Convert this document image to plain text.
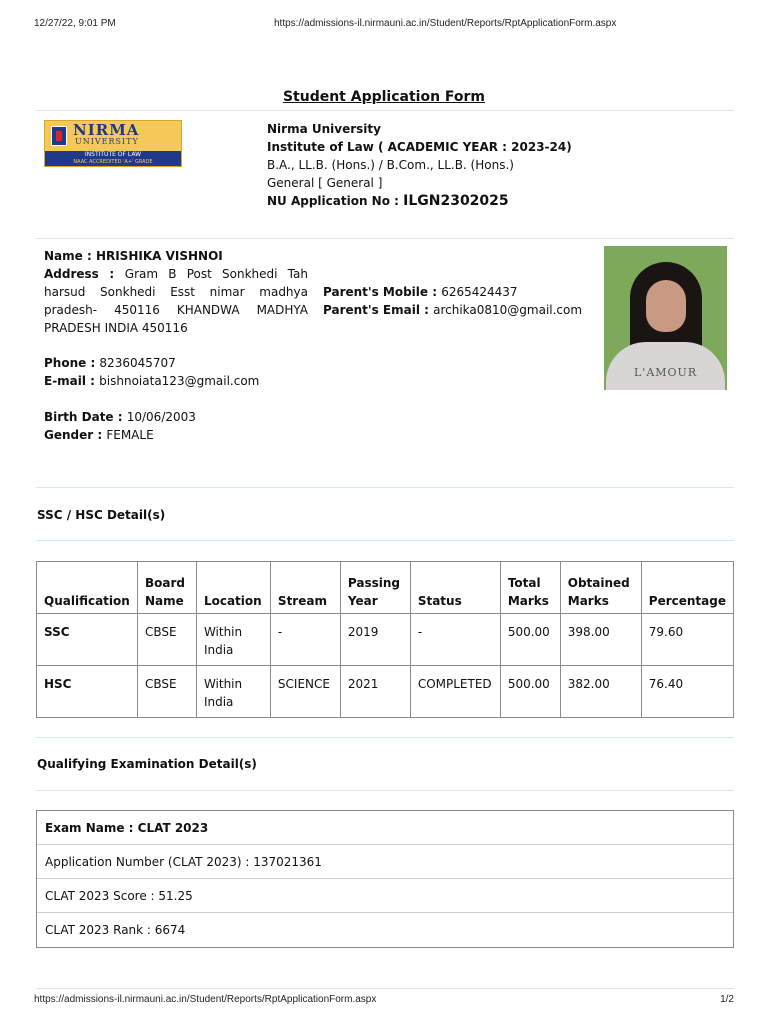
12/27/22, 9:01 PM	https://admissions-il.nirmauni.ac.in/Student/Reports/RptApplicationForm.aspx
Student Application Form
NIRMA
UNIVERSITY
INSTITUTE OF LAW
NAAC ACCREDITED 'A+' GRADE
Nirma University
Institute of Law ( ACADEMIC YEAR : 2023-24)
B.A., LL.B. (Hons.) / B.Com., LL.B. (Hons.)
General [ General ]
NU Application No : ILGN2302025
Name : HRISHIKA VISHNOI
Address : Gram B Post Sonkhedi Tah harsud Sonkhedi Esst nimar madhya pradesh- 450116 KHANDWA MADHYA PRADESH INDIA 450116
Parent's Mobile : 6265424437
Parent's Email : archika0810@gmail.com
L'AMOUR
Phone : 8236045707
E-mail : bishnoiata123@gmail.com
Birth Date : 10/06/2003
Gender : FEMALE
SSC / HSC Detail(s)
Qualification	Board Name	Location	Stream	Passing Year	Status	Total Marks	Obtained Marks	Percentage
SSC	CBSE	Within India	-	2019	-	500.00	398.00	79.60
HSC	CBSE	Within India	SCIENCE	2021	COMPLETED	500.00	382.00	76.40
Qualifying Examination Detail(s)
Exam Name : CLAT 2023
Application Number (CLAT 2023) : 137021361
CLAT 2023 Score : 51.25
CLAT 2023 Rank : 6674
https://admissions-il.nirmauni.ac.in/Student/Reports/RptApplicationForm.aspx	1/2
